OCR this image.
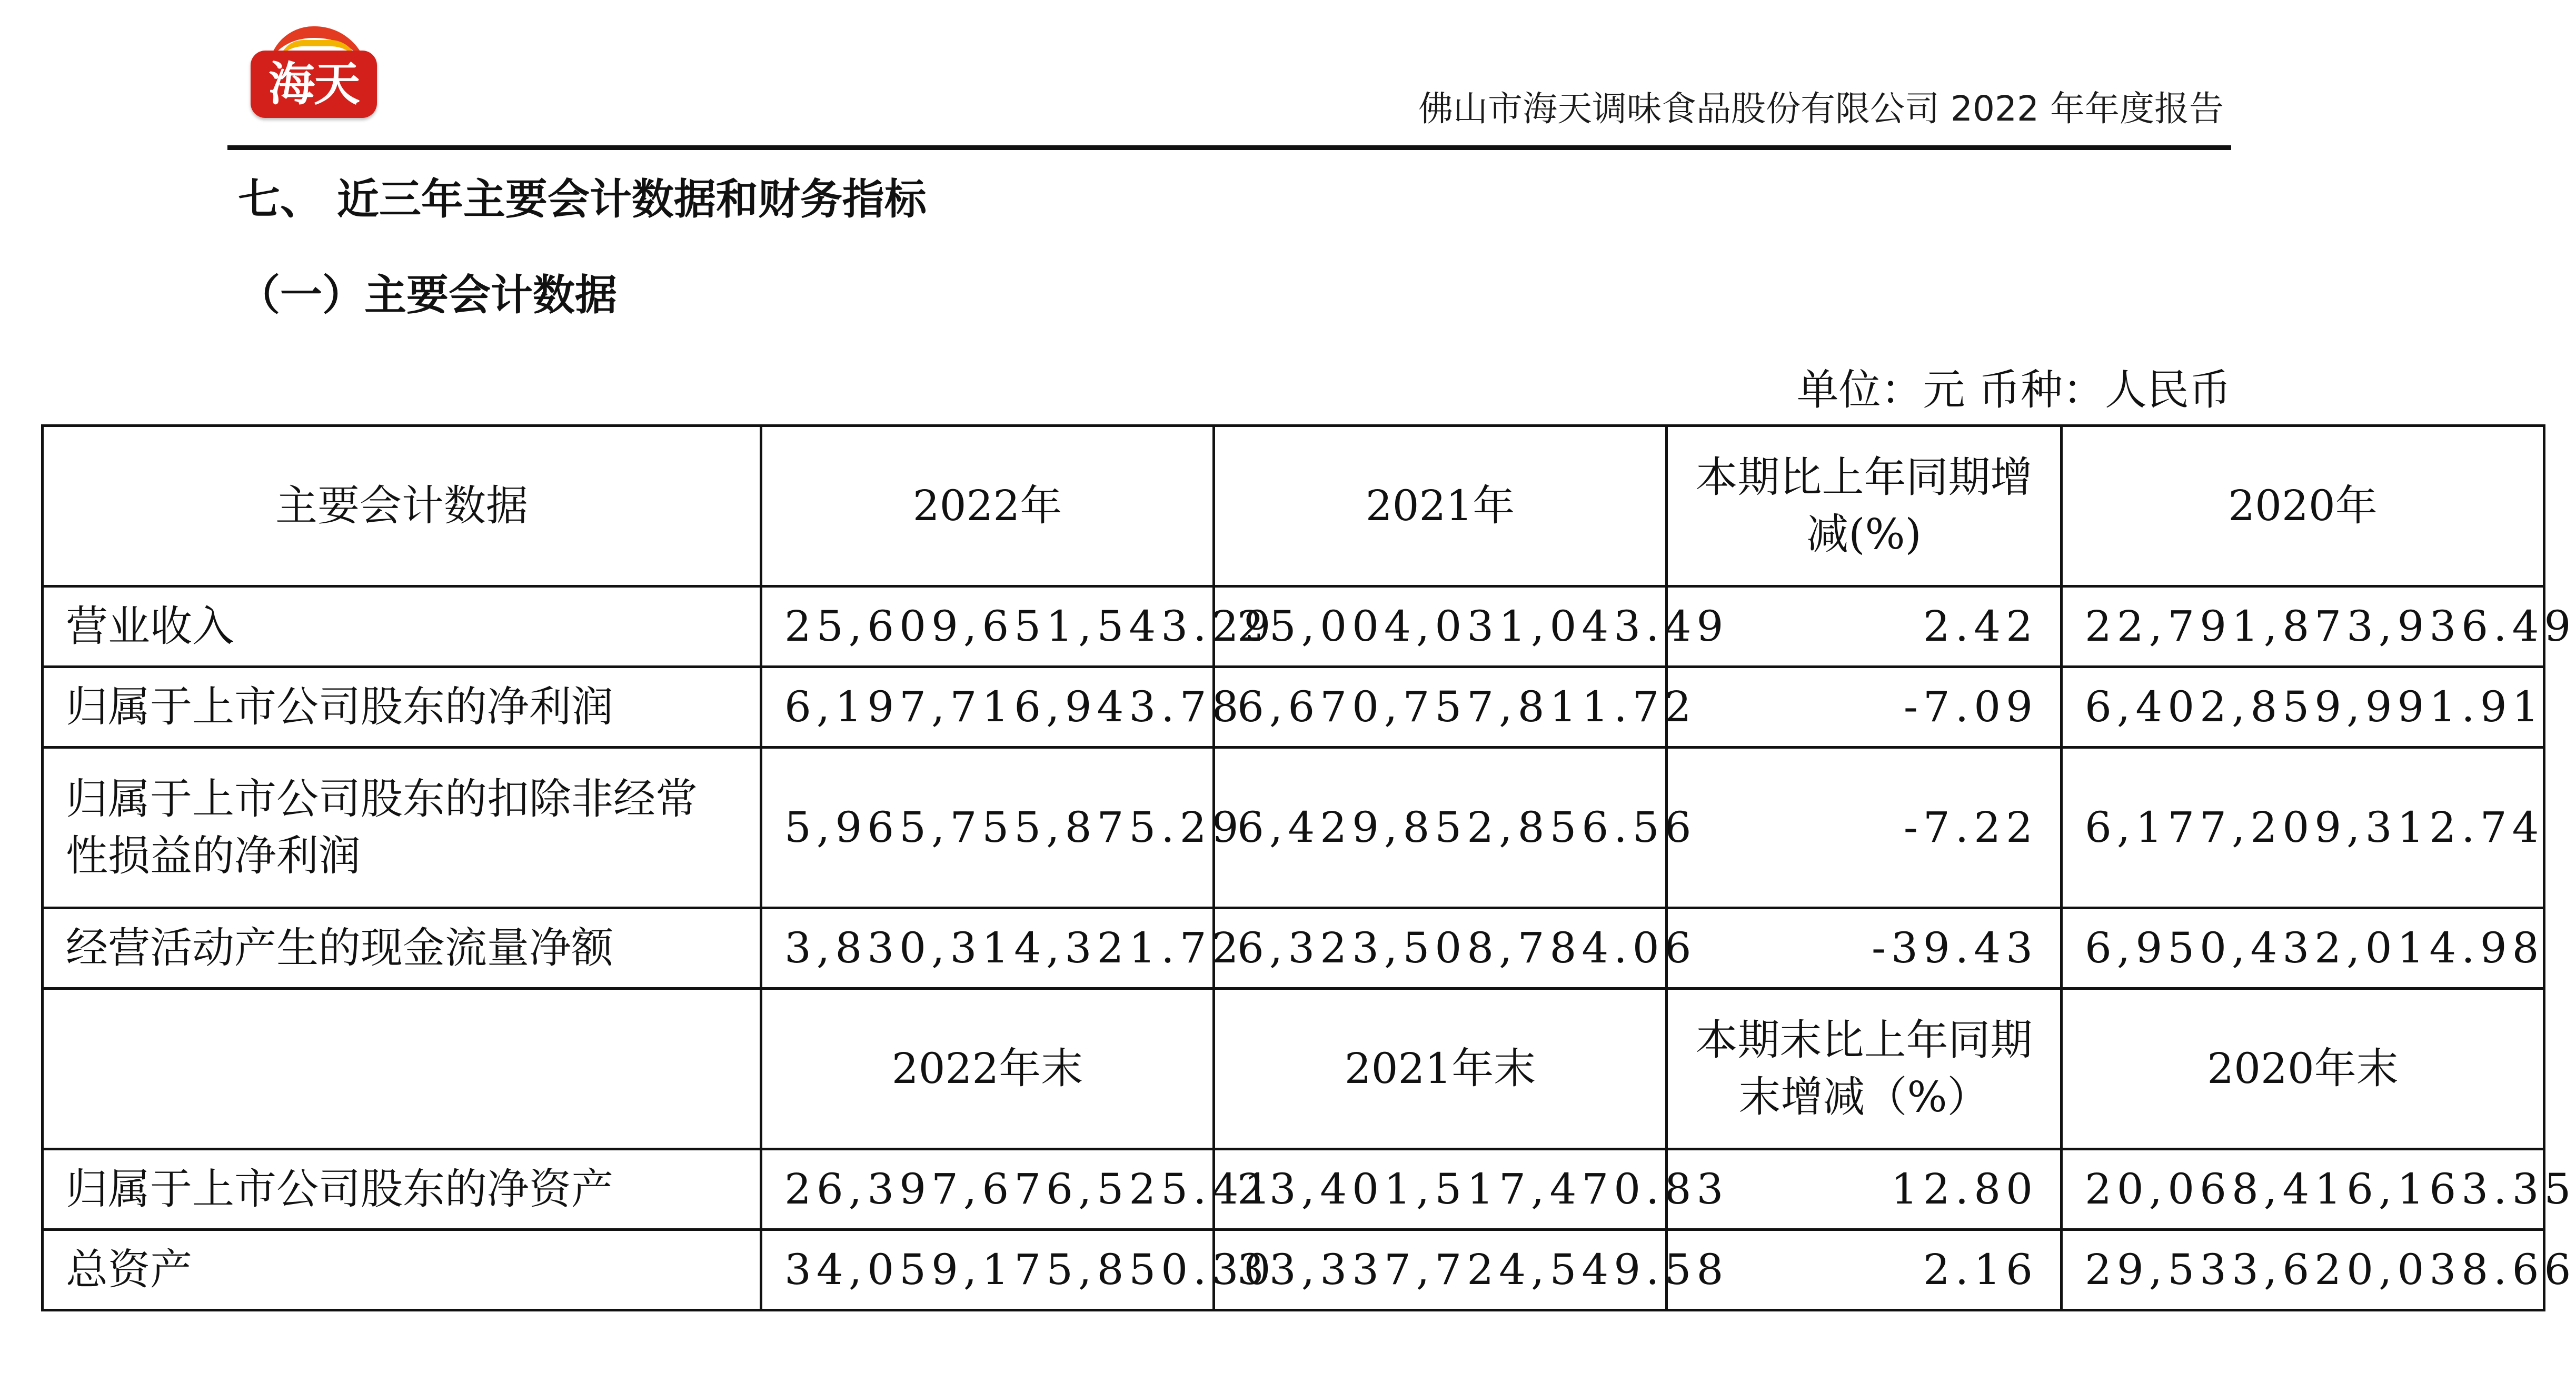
海天	佛山市海天调味食品股份有限公司 2022 年年度报告
七、 近三年主要会计数据和财务指标
（一）主要会计数据
单位：元 币种：人民币
主要会计数据	2022年	2021年	本期比上年同期增减(%)	2020年
营业收入	25,609,651,543.29	25,004,031,043.49	2.42	22,791,873,936.49
归属于上市公司股东的净利润	6,197,716,943.78	6,670,757,811.72	-7.09	6,402,859,991.91
归属于上市公司股东的扣除非经常性损益的净利润	5,965,755,875.29	6,429,852,856.56	-7.22	6,177,209,312.74
经营活动产生的现金流量净额	3,830,314,321.72	6,323,508,784.06	-39.43	6,950,432,014.98
	2022年末	2021年末	本期末比上年同期末增减（%）	2020年末
归属于上市公司股东的净资产	26,397,676,525.41	23,401,517,470.83	12.80	20,068,416,163.35
总资产	34,059,175,850.30	33,337,724,549.58	2.16	29,533,620,038.66
